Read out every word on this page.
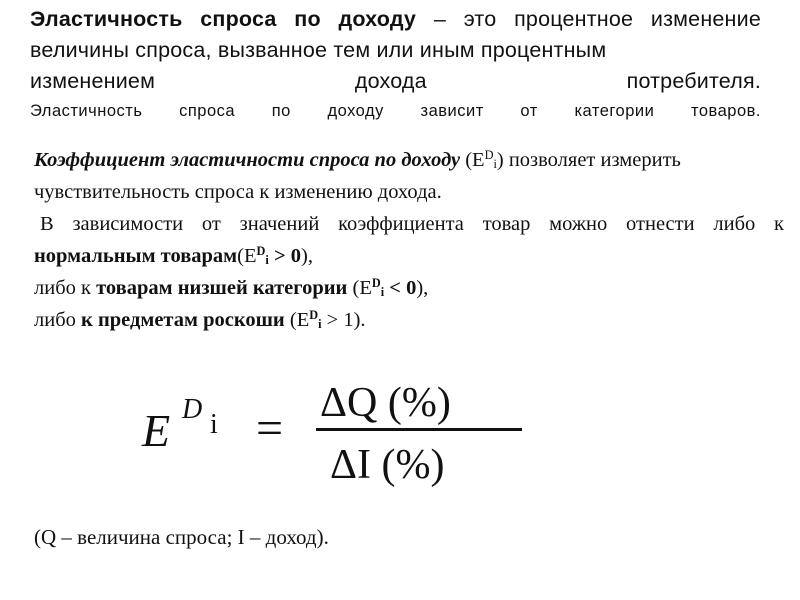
Эластичность спроса по доходу – это процентное изменение величины спроса, вызванное тем или иным процентным
изменением дохода потребителя.
Эластичность спроса по доходу зависит от категории товаров.
Коэффициент эластичности спроса по доходу $(E^D_i)$ позволяет измерить
чувствительность спроса к изменению дохода.
В зависимости от значений коэффициента товар можно отнести либо к
нормальным $товарам(E^D_i > 0)$,
либо к товарам низшей категории $(E^D_i < 0)$,
либо к предметам роскоши $(E^D_i > 1)$.
E D i = ΔQ (%)
ΔI (%)
(Q – величина спроса; I – доход).
